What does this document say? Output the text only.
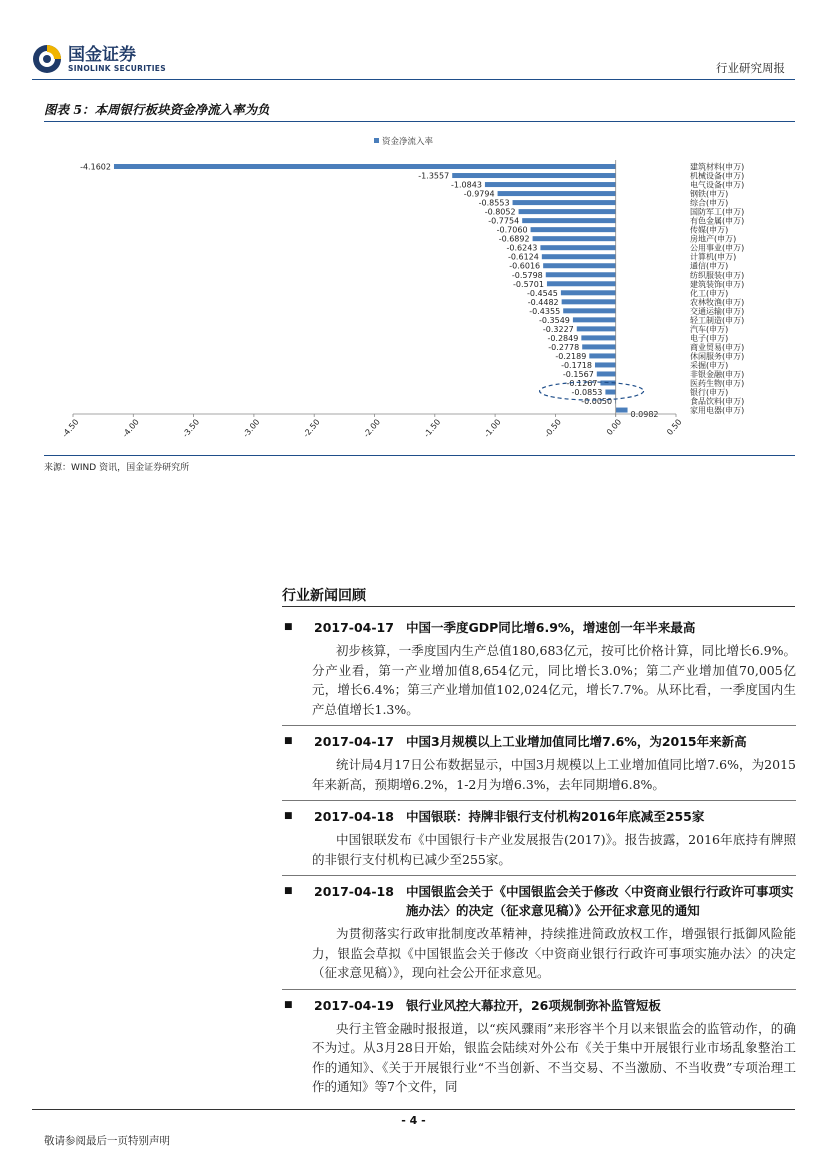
国金证券
SINOLINK SECURITIES	行业研究周报
图表 5：本周银行板块资金净流入率为负
资金净流入率
-4.1602
-1.3557
-1.0843
-0.9794
-0.8553
-0.8052
-0.7754
-0.7060
-0.6892
-0.6243
-0.6124
-0.6016
-0.5798
-0.5701
-0.4545
-0.4482
-0.4355
-0.3549
-0.3227
-0.2849
-0.2778
-0.2189
-0.1718
-0.1567
-0.1267
-0.0853
-0.0050
0.0982
建筑材料(申万)
机械设备(申万)
电气设备(申万)
钢铁(申万)
综合(申万)
国防军工(申万)
有色金属(申万)
传媒(申万)
房地产(申万)
公用事业(申万)
计算机(申万)
通信(申万)
纺织服装(申万)
建筑装饰(申万)
化工(申万)
农林牧渔(申万)
交通运输(申万)
轻工制造(申万)
汽车(申万)
电子(申万)
商业贸易(申万)
休闲服务(申万)
采掘(申万)
非银金融(申万)
医药生物(申万)
银行(申万)
食品饮料(申万)
家用电器(申万)
-4.50	-4.00	-3.50	-3.00	-2.50	-2.00	-1.50	-1.00	-0.50	0.00	0.50
来源：WIND 资讯，国金证券研究所
行业新闻回顾
■	2017-04-17 中国一季度GDP同比增6.9%，增速创一年半来最高
初步核算，一季度国内生产总值180,683亿元，按可比价格计算，同比增长6.9%。分产业看，第一产业增加值8,654亿元，同比增长3.0%；第二产业增加值70,005亿元，增长6.4%；第三产业增加值102,024亿元，增长7.7%。从环比看，一季度国内生产总值增长1.3%。
■	2017-04-17 中国3月规模以上工业增加值同比增7.6%，为2015年来新高
统计局4月17日公布数据显示，中国3月规模以上工业增加值同比增7.6%，为2015年来新高，预期增6.2%，1-2月为增6.3%，去年同期增6.8%。
■	2017-04-18 中国银联：持牌非银行支付机构2016年底减至255家
中国银联发布《中国银行卡产业发展报告(2017)》。报告披露，2016年底持有牌照的非银行支付机构已减少至255家。
■	2017-04-18 中国银监会关于《中国银监会关于修改〈中资商业银行行政许可事项实施办法〉的决定（征求意见稿）》公开征求意见的通知
为贯彻落实行政审批制度改革精神，持续推进简政放权工作，增强银行抵御风险能力，银监会草拟《中国银监会关于修改〈中资商业银行行政许可事项实施办法〉的决定（征求意见稿）》，现向社会公开征求意见。
■	2017-04-19 银行业风控大幕拉开，26项规制弥补监管短板
央行主管金融时报报道，以“疾风骤雨”来形容半个月以来银监会的监管动作，的确不为过。从3月28日开始，银监会陆续对外公布《关于集中开展银行业市场乱象整治工作的通知》、《关于开展银行业“不当创新、不当交易、不当激励、不当收费”专项治理工作的通知》等7个文件，同
- 4 -
敬请参阅最后一页特别声明
